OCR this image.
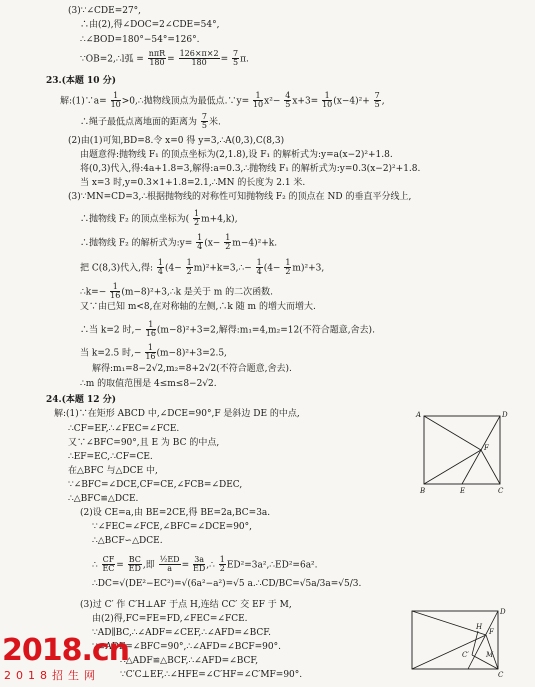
(3)∵∠CDE=27°,
∴由(2),得∠DOC=2∠CDE=54°,
∴∠BOD=180°−54°=126°.
∵OB=2,∴l弧 = $\frac{\text{nπR}}{180} = \frac{126\times\pi\times 2}{180} = \frac{7}{5} \pi$.
23.(本题 10 分)
解:(1)∵a= $\frac{1}{10}$ >0,∴抛物线顶点为最低点.∵y= $\frac{1}{10} x^2- \frac{4}{5} x+3= \frac{1}{10} (x-4)^2+ \frac{7}{5}$ ,
∴绳子最低点离地面的距离为 $\frac{7}{5}$ 米.
(2)由(1)可知,BD=8.令 x=0 得 y=3,∴A(0,3),C(8,3)
由题意得:抛物线 F₁ 的顶点坐标为(2,1.8),设 F₁ 的解析式为:y=a(x−2)²+1.8.
将(0,3)代入,得:4a+1.8=3,解得:a=0.3,∴抛物线 F₁ 的解析式为:y=0.3(x−2)²+1.8.
当 x=3 时,y=0.3×1+1.8=2.1,∴MN 的长度为 2.1 米.
(3)∵MN=CD=3,∴根据抛物线的对称性可知抛物线 F₂ 的顶点在 ND 的垂直平分线上,
∴抛物线 F₂ 的顶点坐标为( $\frac{1}{2} m+4,k$),
∴抛物线 F₂ 的解析式为:y= $\frac{1}{4} (x- \frac{1}{2} m-4)^2+k$.
把 C(8,3)代入,得: $\frac{1}{4} (4- \frac{1}{2}$ m)²+k=3,∴− $\frac{1}{4} (4- \frac{1}{2} m)^2+3$,
∴k=− $\frac{1}{16}$ (m−8)²+3,∴k 是关于 m 的二次函数.
又∵由已知 m<8,在对称轴的左侧,∴k 随 m 的增大而增大.
∴当 k=2 时,− $\frac{1}{16} (m-8)^2+3=2$,解得:m₁=4,m₂=12(不符合题意,舍去).
当 k=2.5 时,− $\frac{1}{16} (m-8)^2+3=2.5$,
解得:m₁=8−2√2,m₂=8+2√2(不符合题意,舍去).
∴m 的取值范围是 4≤m≤8−2√2.
24.(本题 12 分)
解:(1)∵在矩形 ABCD 中,∠DCE=90°,F 是斜边 DE 的中点,
∴CF=EF,∴∠FEC=∠FCE.
又∵∠BFC=90°,且 E 为 BC 的中点,
∴EF=EC,∴CF=CE.
在△BFC 与△DCE 中,
∵∠BFC=∠DCE,CF=CE,∠FCB=∠DEC,
∴△BFC≌△DCE.
(2)设 CE=a,由 BE=2CE,得 BE=2a,BC=3a.
∵∠FEC=∠FCE,∠BFC=∠DCE=90°,
∴△BCF∽△DCE.
∴ $\frac{CF}{EC} = \frac{BC}{ED}$ ,即 $\frac{\text{½ED}}{a} = \frac{3a}{ED}$ ,∴ $\frac{1}{2}$ ED²=3a²,∴ED²=6a².
∴DC=√(DE²−EC²)=√(6a²−a²)=√5 a.∴CD/BC=√5a/3a=√5/3.
(3)过 C′ 作 C′H⊥AF 于点 H,连结 CC′ 交 EF 于 M,
由(2)得,FC=FE=FD,∠FEC=∠FCE.
∵AD∥BC,∴∠ADF=∠CEF,∴∠AFD=∠BCF.
∵∠ADF=∠BFC=90°,∴∠AFD=∠BCF=90°.
∴△ADF≌△BCF,∴∠AFD=∠BCF,
∵C′C⊥EF,∴∠HFE=∠C′HF=∠C′MF=90°.
A	D
F
B	E	C
D
H
F
C′ M
C
2018.cn
2018招生网
